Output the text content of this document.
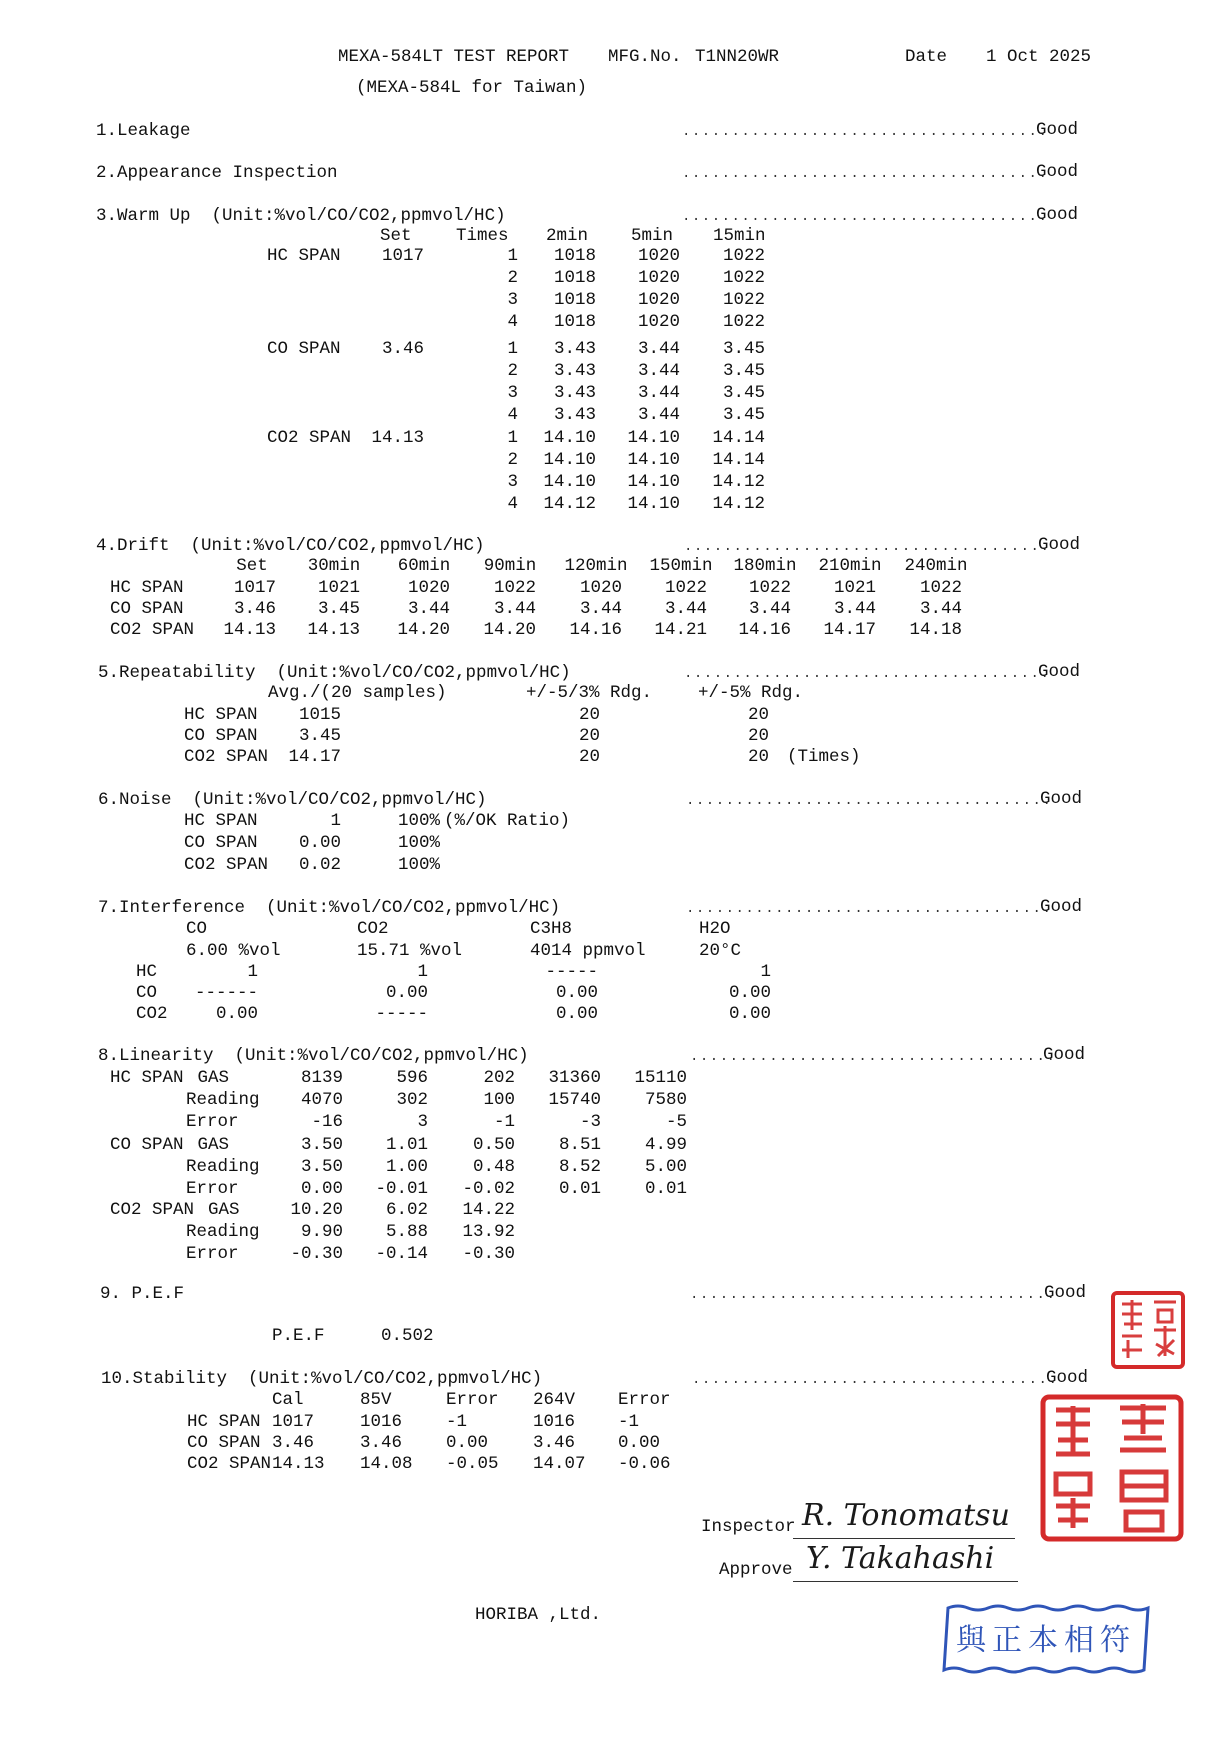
MEXA-584LT TEST REPORT MFG.No. T1NN20WR	Date 1 Oct 2025
(MEXA-584L for Taiwan)
1.Leakage	.....................................
Good
2.Appearance Inspection	.....................................
Good
3.Warm Up  (Unit:%vol/CO/CO2,ppmvol/HC)	.....................................
Good
Set	Times 2min 5min 15min
HC SPAN	1017	1	1018	1020	1022
2	1018	1020	1022
3	1018	1020	1022
4	1018	1020	1022
CO SPAN	3.46	1	3.43	3.44	3.45
2	3.43	3.44	3.45
3	3.43	3.44	3.45
4	3.43	3.44	3.45
CO2 SPAN	14.13	1	14.10	14.10	14.14
2	14.10	14.10	14.14
3	14.10	14.10	14.12
4	14.12	14.10	14.12
4.Drift  (Unit:%vol/CO/CO2,ppmvol/HC)	.....................................
Good
Set	30min	60min	90min	120min	150min	180min	210min	240min
HC SPAN	1017	1021	1020	1022	1020	1022	1022	1021	1022
CO SPAN	3.46	3.45	3.44	3.44	3.44	3.44	3.44	3.44	3.44
CO2 SPAN	14.13	14.13	14.20	14.20	14.16	14.21	14.16	14.17	14.18
5.Repeatability  (Unit:%vol/CO/CO2,ppmvol/HC)	.....................................
Good
Avg./(20 samples)	+/-5/3% Rdg.	+/-5% Rdg.
HC SPAN	1015	20	20
CO SPAN	3.45	20	20
CO2 SPAN	14.17	20	20 (Times)
6.Noise  (Unit:%vol/CO/CO2,ppmvol/HC)	.....................................
Good
HC SPAN	1	100%
CO SPAN	0.00	100%
CO2 SPAN	0.02	100%
(%/OK Ratio)
7.Interference  (Unit:%vol/CO/CO2,ppmvol/HC)	.....................................
Good
CO
6.00 %vol
CO2
15.71 %vol
C3H8
4014 ppmvol
H2O
20°C
HC	1	1	-----	1
CO	------	0.00	0.00	0.00
CO2	0.00	-----	0.00	0.00
8.Linearity  (Unit:%vol/CO/CO2,ppmvol/HC)	.....................................
Good
HC SPAN GAS	8139	596	202	31360	15110
Reading	4070	302	100	15740	7580
Error	-16	3	-1	-3	-5
CO SPAN GAS	3.50	1.01	0.50	8.51	4.99
Reading	3.50	1.00	0.48	8.52	5.00
Error	0.00	-0.01	-0.02	0.01	0.01
CO2 SPAN GAS	10.20	6.02	14.22
Reading	9.90	5.88	13.92
Error	-0.30	-0.14	-0.30
9. P.E.F	.....................................
Good
P.E.F	0.502
10.Stability  (Unit:%vol/CO/CO2,ppmvol/HC)	.....................................
Good
Cal	85V	Error 264V Error
HC SPAN 1017	1016	-1	1016 -1
CO SPAN 3.46	3.46	0.00	3.46 0.00
CO2 SPAN 14.13 14.08 -0.05 14.07 -0.06
Inspector R. Tonomatsu
Approve Y. Takahashi
HORIBA ,Ltd.
與正本相符
